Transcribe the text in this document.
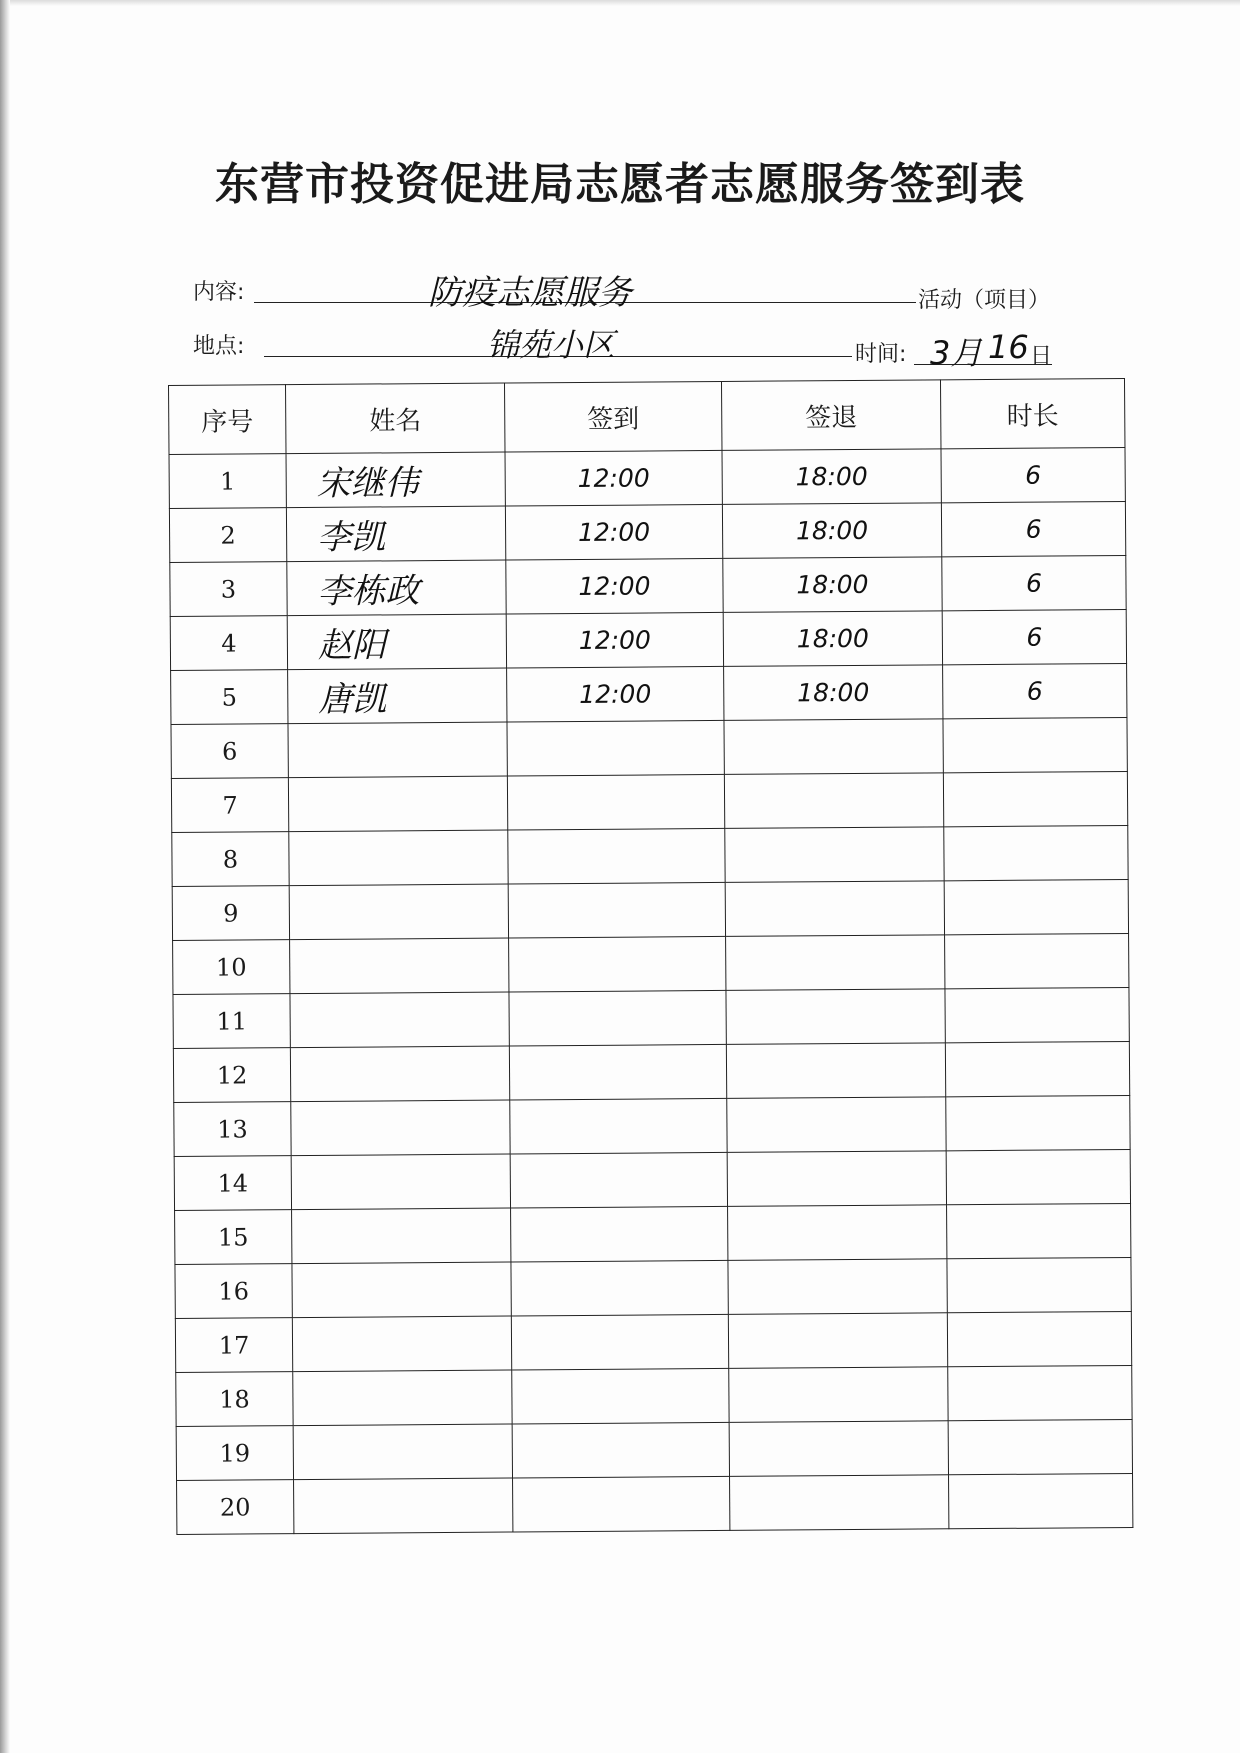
东营市投资促进局志愿者志愿服务签到表
内容:	防疫志愿服务	活动（项目）
地点:	锦苑小区	时间: 3月 16 日
序号	姓名	签到	签退	时长
1	宋继伟	12:00	18:00	6
2	李凯	12:00	18:00	6
3	李栋政	12:00	18:00	6
4	赵阳	12:00	18:00	6
5	唐凯	12:00	18:00	6
6				
7				
8				
9				
10				
11				
12				
13				
14				
15				
16				
17				
18				
19				
20				
